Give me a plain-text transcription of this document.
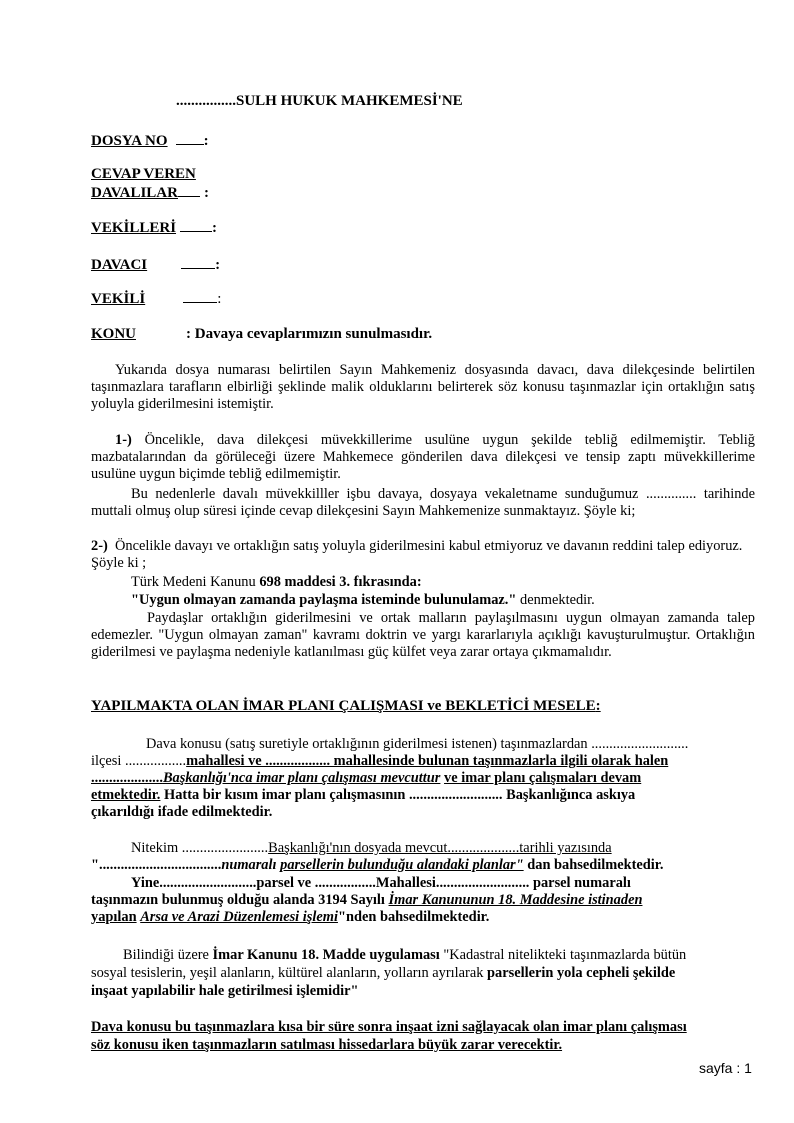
................SULH HUKUK MAHKEMESİ'NE
DOSYA NO :
CEVAP VEREN
DAVALILAR :
VEKİLLERİ :
DAVACI	:
VEKİLİ	:
KONU	: Davaya cevaplarımızın sunulmasıdır.
Yukarıda dosya numarası belirtilen Sayın Mahkemeniz dosyasında davacı, dava dilekçesinde belirtilen taşınmazlara tarafların elbirliği şeklinde malik olduklarını belirterek söz konusu taşınmazlar için ortaklığın satış yoluyla giderilmesini istemiştir.
1-) Öncelikle, dava dilekçesi müvekkillerime usulüne uygun şekilde tebliğ edilmemiştir. Tebliğ mazbatalarından da görüleceği üzere Mahkemece gönderilen dava dilekçesi ve tensip zaptı müvekkillerime usulüne uygun biçimde tebliğ edilmemiştir.
Bu nedenlerle davalı müvekkilller işbu davaya, dosyaya vekaletname sunduğumuz .............. tarihinde muttali olmuş olup süresi içinde cevap dilekçesini Sayın Mahkemenize sunmaktayız. Şöyle ki;
2-) Öncelikle davayı ve ortaklığın satış yoluyla giderilmesini kabul etmiyoruz ve davanın reddini talep ediyoruz. Şöyle ki ;
Türk Medeni Kanunu 698 maddesi 3. fıkrasında:
"Uygun olmayan zamanda paylaşma isteminde bulunulamaz." denmektedir.
Paydaşlar ortaklığın giderilmesini ve ortak malların paylaşılmasını uygun olmayan zamanda talep edemezler. "Uygun olmayan zaman" kavramı doktrin ve yargı kararlarıyla açıklığı kavuşturulmuştur. Ortaklığın giderilmesi ve paylaşma nedeniyle katlanılması güç külfet veya zarar ortaya çıkmamalıdır.
YAPILMAKTA OLAN İMAR PLANI ÇALIŞMASI ve BEKLETİCİ MESELE:
Dava konusu (satış suretiyle ortaklığının giderilmesi istenen) taşınmazlardan ...........................
ilçesi .................mahallesi ve .................. mahallesinde bulunan taşınmazlarla ilgili olarak halen
....................Başkanlığı'nca imar planı çalışması mevcuttur ve imar planı çalışmaları devam
etmektedir. Hatta bir kısım imar planı çalışmasının .......................... Başkanlığınca askıya
çıkarıldığı ifade edilmektedir.
Nitekim ........................Başkanlığı'nın dosyada mevcut....................tarihli yazısında
"..................................numaralı parsellerin bulunduğu alandaki planlar" dan bahsedilmektedir.
Yine...........................parsel ve .................Mahallesi.......................... parsel numaralı
taşınmazın bulunmuş olduğu alanda 3194 Sayılı İmar Kanununun 18. Maddesine istinaden
yapılan Arsa ve Arazi Düzenlemesi işlemi"nden bahsedilmektedir.
Bilindiği üzere İmar Kanunu 18. Madde uygulaması "Kadastral nitelikteki taşınmazlarda bütün
sosyal tesislerin, yeşil alanların, kültürel alanların, yolların ayrılarak parsellerin yola cepheli şekilde
inşaat yapılabilir hale getirilmesi işlemidir"
Dava konusu bu taşınmazlara kısa bir süre sonra inşaat izni sağlayacak olan imar planı çalışması
söz konusu iken taşınmazların satılması hissedarlara büyük zarar verecektir.
sayfa : 1
